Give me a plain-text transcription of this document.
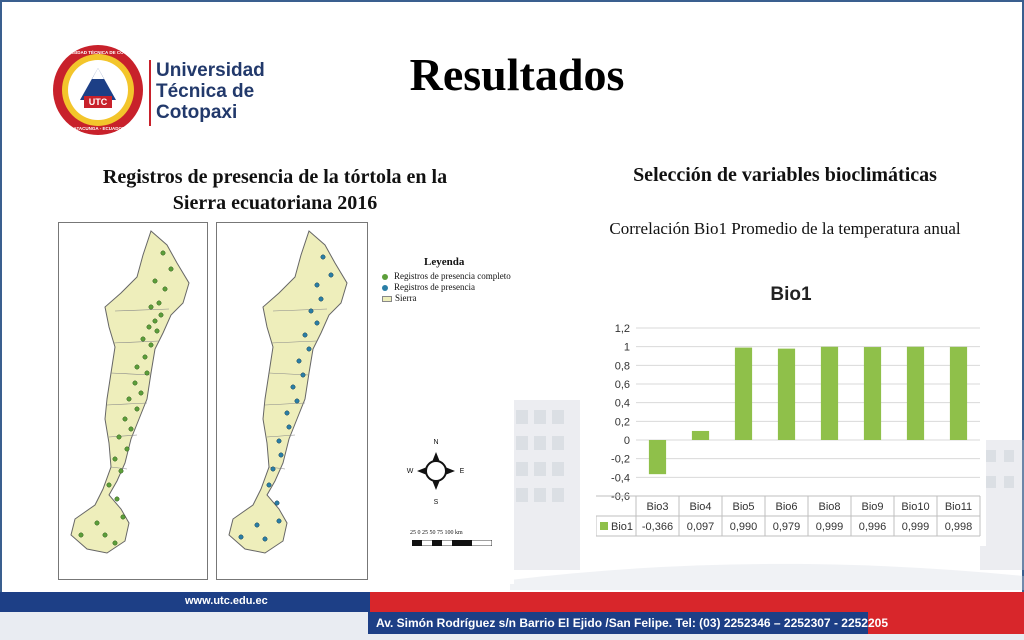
UTC
UNIVERSIDAD TÉCNICA DE COTOPAXI
LATACUNGA - ECUADOR
Universidad
Técnica de
Cotopaxi
Resultados
Registros de presencia de la tórtola en la
Sierra ecuatoriana 2016
N
S
W	E
25 0 25 50 75 100 km
Leyenda
Registros de presencia completo
Registros de presencia
Sierra
Selección de variables bioclimáticas
Correlación Bio1 Promedio de la temperatura anual
Bio1
1,2
1
0,8
0,6
0,4
0,2
0
-0,2
-0,4
-0,6
Bio3 Bio4 Bio5 Bio6 Bio8 Bio9 Bio10 Bio11
-0,366 0,097 0,990 0,979 0,999 0,996 0,999 0,998
Bio1
www.utc.edu.ec
Av. Simón Rodríguez s/n Barrio El Ejido /San Felipe. Tel: (03) 2252346 – 2252307 - 2252205
